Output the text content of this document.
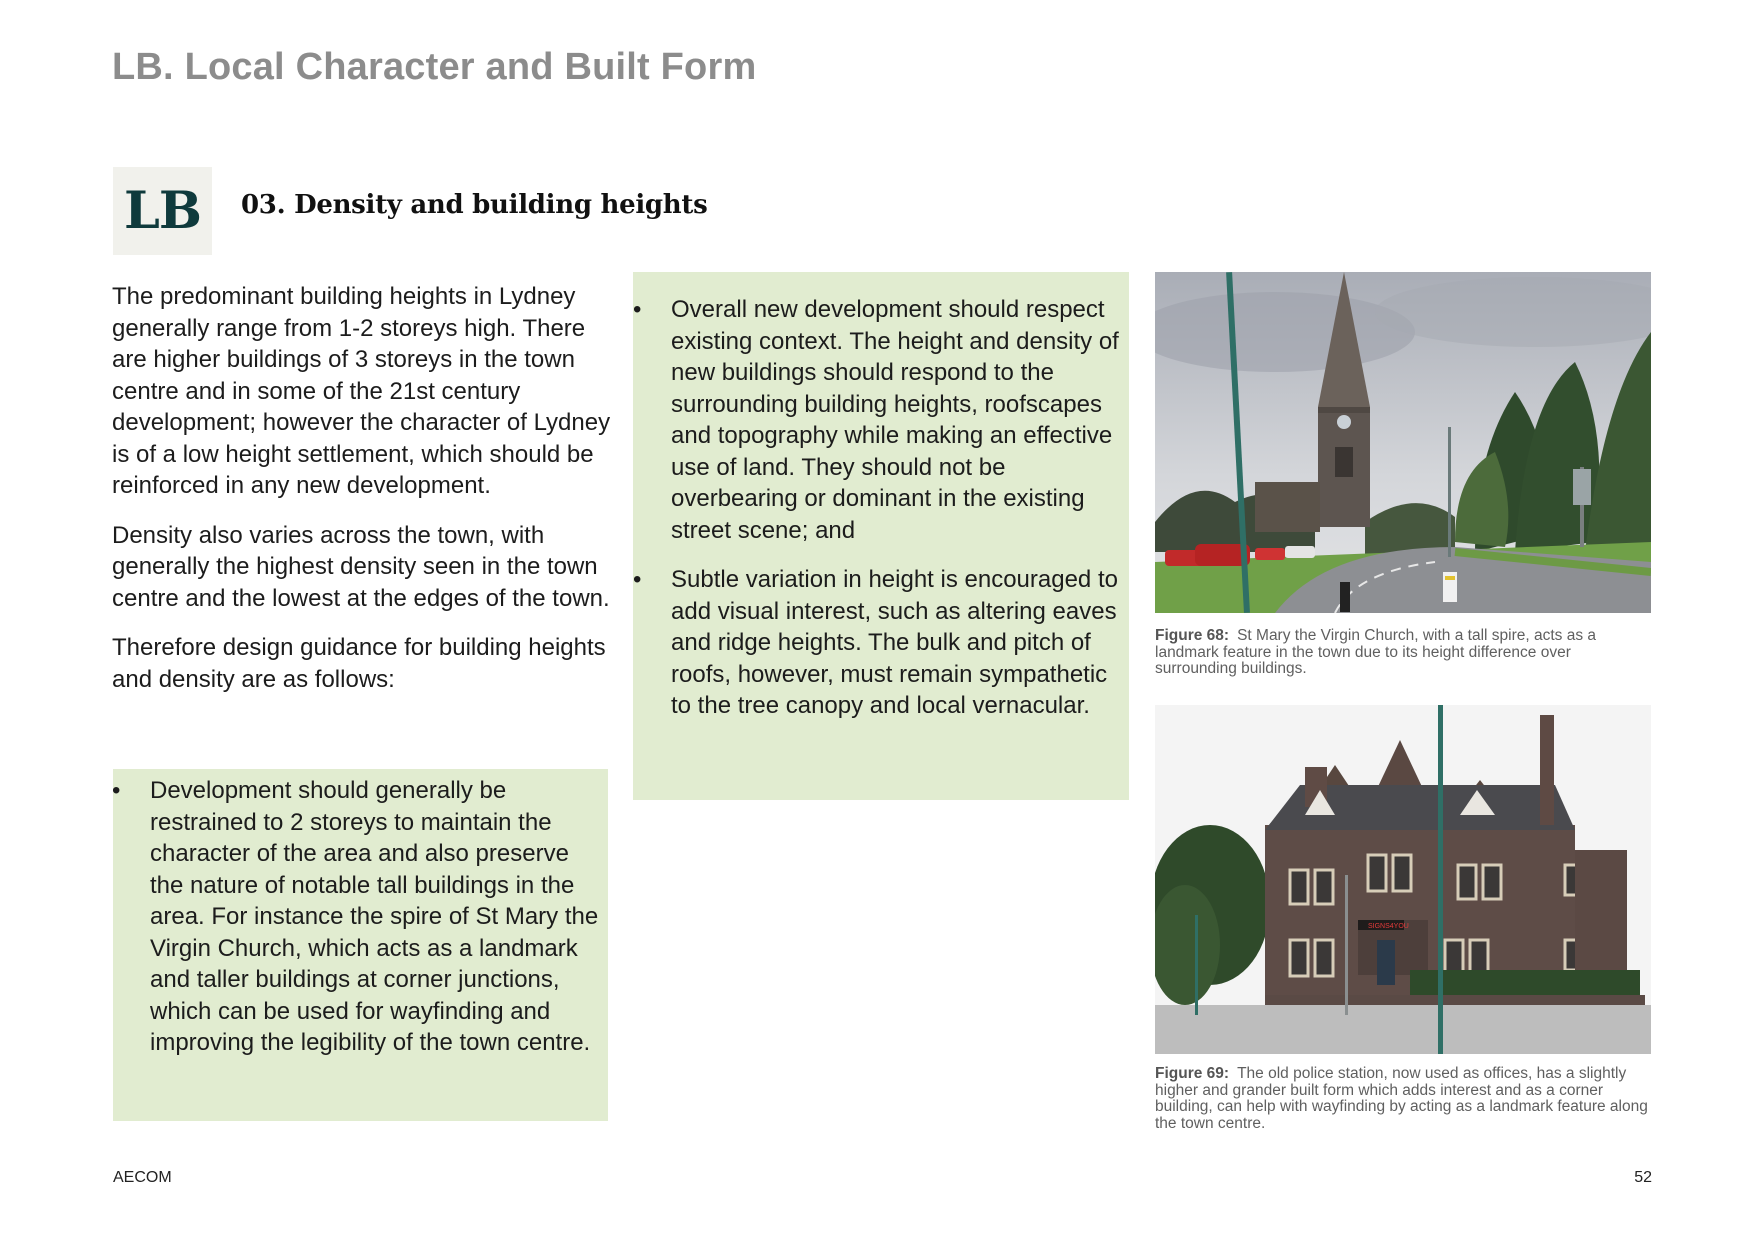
LB. Local Character and Built Form
LB	03. Density and building heights

The predominant building heights in Lydney generally range from 1-2 storeys high. There are higher buildings of 3 storeys in the town centre and in some of the 21st century development; however the character of Lydney is of a low height settlement, which should be reinforced in any new development.

Density also varies across the town, with generally the highest density seen in the town centre and the lowest at the edges of the town.

Therefore design guidance for building heights and density are as follows:

•	Development should generally be restrained to 2 storeys to maintain the character of the area and also preserve the nature of notable tall buildings in the area. For instance the spire of St Mary the Virgin Church, which acts as a landmark and taller buildings at corner junctions, which can be used for wayfinding and improving the legibility of the town centre.
•	Overall new development should respect existing context. The height and density of new buildings should respond to the surrounding building heights, roofscapes and topography while making an effective use of land. They should not be overbearing or dominant in the existing street scene; and
•	Subtle variation in height is encouraged to add visual interest, such as altering eaves and ridge heights. The bulk and pitch of roofs, however, must remain sympathetic to the tree canopy and local vernacular.

Figure 68: St Mary the Virgin Church, with a tall spire, acts as a landmark feature in the town due to its height difference over surrounding buildings.

SIGNS4YOU

Figure 69: The old police station, now used as offices, has a slightly higher and grander built form which adds interest and as a corner building, can help with wayfinding by acting as a landmark feature along the town centre.

AECOM	52
